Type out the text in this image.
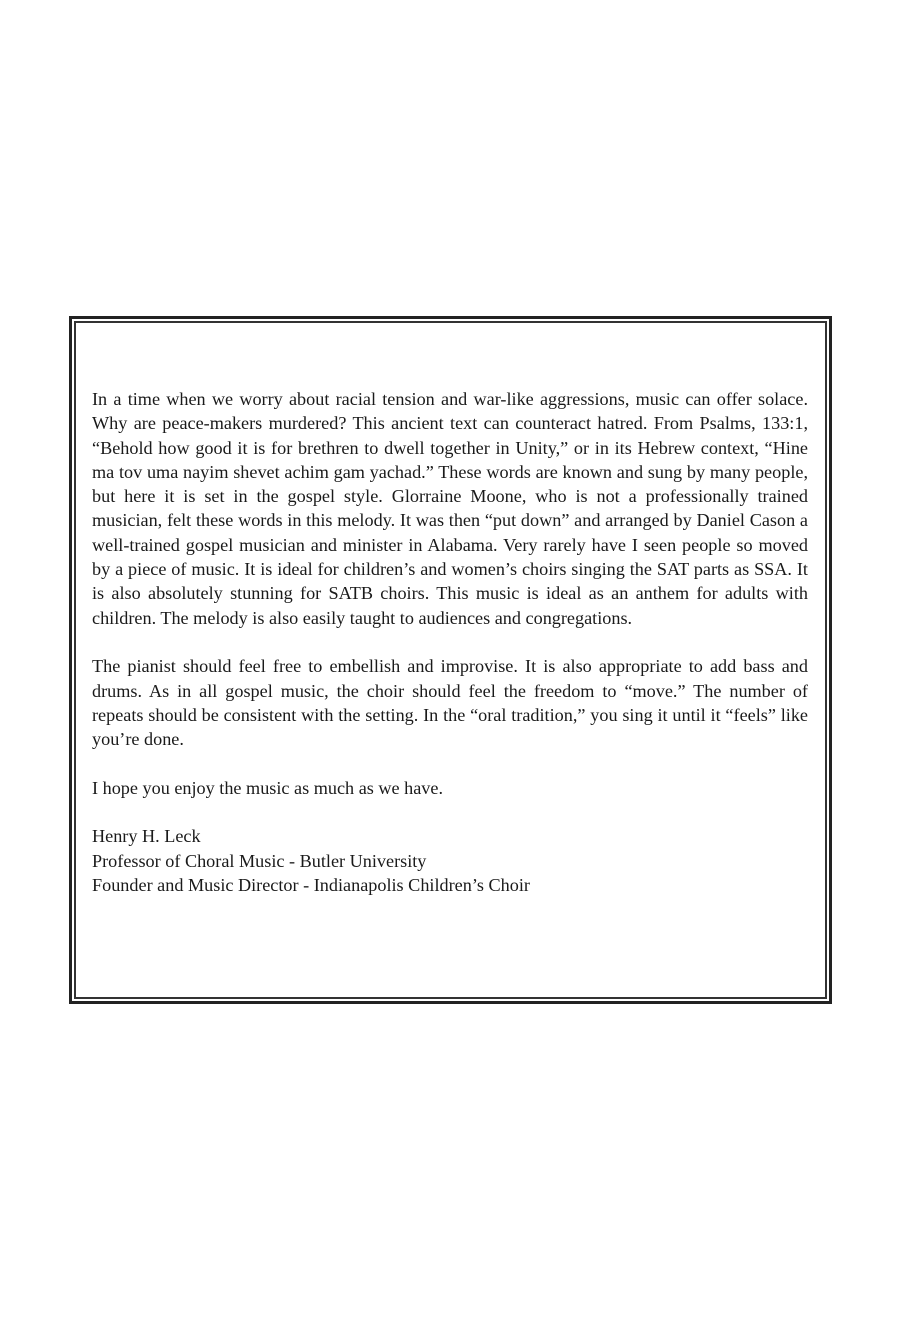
In a time when we worry about racial tension and war-like aggressions, music can offer solace. Why are peace-makers murdered? This ancient text can counteract hatred. From Psalms, 133:1, “Behold how good it is for brethren to dwell together in Unity,” or in its Hebrew context, “Hine ma tov uma nayim shevet achim gam yachad.” These words are known and sung by many people, but here it is set in the gospel style. Glorraine Moone, who is not a professionally trained musician, felt these words in this melody. It was then “put down” and arranged by Daniel Cason a well-trained gospel musician and minister in Alabama. Very rarely have I seen people so moved by a piece of music. It is ideal for children’s and women’s choirs singing the SAT parts as SSA. It is also absolutely stunning for SATB choirs. This music is ideal as an anthem for adults with children. The melody is also easily taught to audiences and congregations.

The pianist should feel free to embellish and improvise. It is also appropriate to add bass and drums. As in all gospel music, the choir should feel the freedom to “move.” The number of repeats should be consistent with the setting. In the “oral tradition,” you sing it until it “feels” like you’re done.

I hope you enjoy the music as much as we have.

Henry H. Leck

Professor of Choral Music - Butler University

Founder and Music Director - Indianapolis Children’s Choir
